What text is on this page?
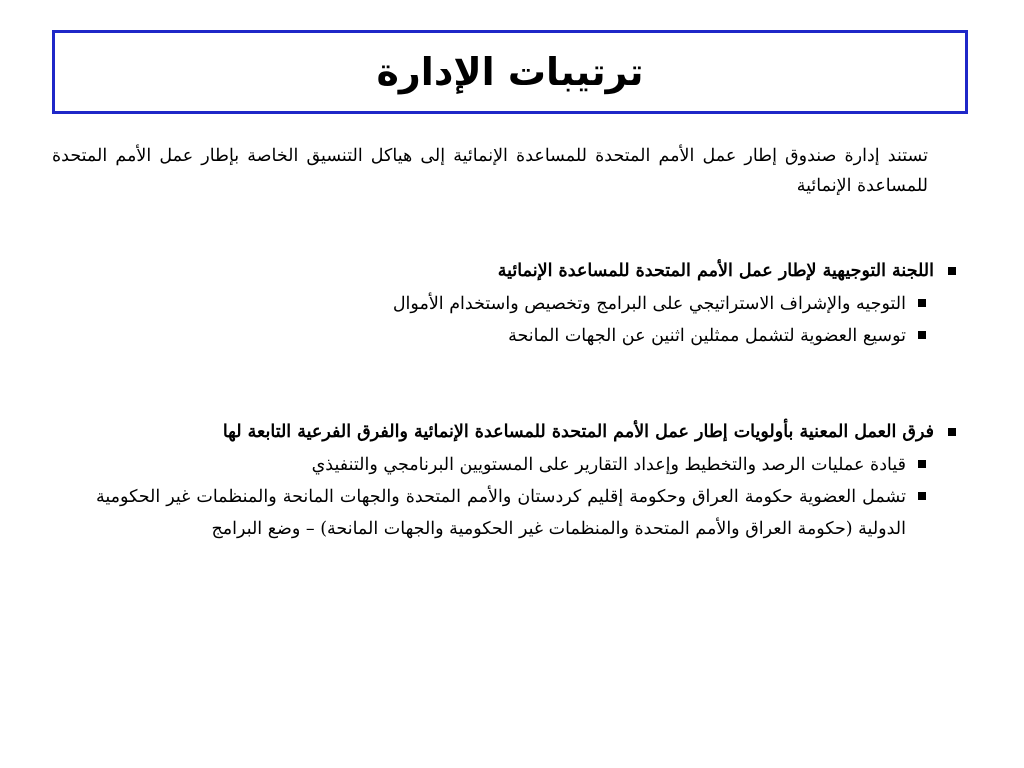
ترتيبات الإدارة
تستند إدارة صندوق إطار عمل الأمم المتحدة للمساعدة الإنمائية إلى هياكل التنسيق الخاصة بإطار عمل الأمم المتحدة للمساعدة الإنمائية
اللجنة التوجيهية لإطار عمل الأمم المتحدة للمساعدة الإنمائية
التوجيه والإشراف الاستراتيجي على البرامج وتخصيص واستخدام الأموال
توسيع العضوية لتشمل ممثلين اثنين عن الجهات المانحة
فرق العمل المعنية بأولويات إطار عمل الأمم المتحدة للمساعدة الإنمائية والفرق الفرعية التابعة لها
قيادة عمليات الرصد والتخطيط وإعداد التقارير على المستويين البرنامجي والتنفيذي
تشمل العضوية حكومة العراق وحكومة إقليم كردستان والأمم المتحدة والجهات المانحة والمنظمات غير الحكومية الدولية (حكومة العراق والأمم المتحدة والمنظمات غير الحكومية والجهات المانحة) – وضع البرامج
